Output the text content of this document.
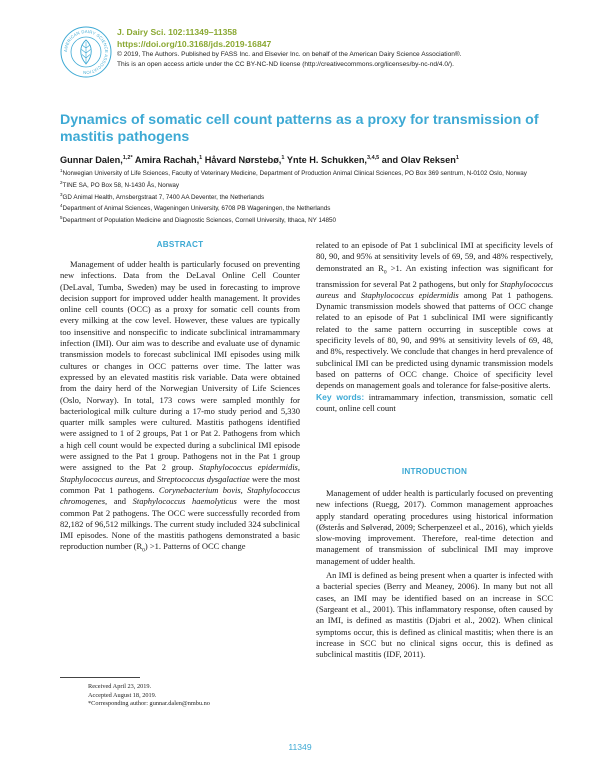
AMERICAN DAIRY SCIENCE ASSOCIATION
J. Dairy Sci. 102:11349–11358
https://doi.org/10.3168/jds.2019-16847
© 2019, The Authors. Published by FASS Inc. and Elsevier Inc. on behalf of the American Dairy Science Association®.
This is an open access article under the CC BY-NC-ND license (http://creativecommons.org/licenses/by-nc-nd/4.0/).
Dynamics of somatic cell count patterns as a proxy for transmission of mastitis pathogens
Gunnar Dalen,$^{1,2*}$ Amira Rachah,$^1$ Håvard Nørstebø,$^1$ Ynte H. Schukken,$^{3,4,5}$ and Olav Reksen$^1$
$^1$Norwegian University of Life Sciences, Faculty of Veterinary Medicine, Department of Production Animal Clinical Sciences, PO Box 369 sentrum, N-0102 Oslo, Norway
$^2$TINE SA, PO Box 58, N-1430 Ås, Norway
$^3$GD Animal Health, Arnsbergstraat 7, 7400 AA Deventer, the Netherlands
$^4$Department of Animal Sciences, Wageningen University, 6708 PB Wageningen, the Netherlands
$^5$Department of Population Medicine and Diagnostic Sciences, Cornell University, Ithaca, NY 14850
ABSTRACT

Management of udder health is particularly focused on preventing new infections. Data from the DeLaval Online Cell Counter (DeLaval, Tumba, Sweden) may be used in forecasting to improve decision support for improved udder health management. It provides online cell counts (OCC) as a proxy for somatic cell counts from every milking at the cow level. However, these values are typically too insensitive and nonspecific to indicate subclinical intramammary infection (IMI). Our aim was to describe and evaluate use of dynamic transmission models to forecast subclinical IMI episodes using milk cultures or changes in OCC patterns over time. The latter was expressed by an elevated mastitis risk variable. Data were obtained from the dairy herd of the Norwegian University of Life Sciences (Oslo, Norway). In total, 173 cows were sampled monthly for bacteriological milk culture during a 17-mo study period and 5,330 quarter milk samples were cultured. Mastitis pathogens identified were assigned to 1 of 2 groups, Pat 1 or Pat 2. Pathogens from which a high cell count would be expected during a subclinical IMI episode were assigned to the Pat 1 group. Pathogens not in the Pat 1 group were assigned to the Pat 2 group. Staphylococcus epidermidis, Staphylococcus aureus, and Streptococcus dysgalactiae were the most common Pat 1 pathogens. Corynebacterium bovis, Staphylococcus chromogenes, and Staphylococcus haemolyticus were the most common Pat 2 pathogens. The OCC were successfully recorded from 82,182 of 96,512 milkings. The current study included 324 subclinical IMI episodes. None of the mastitis pathogens demonstrated a basic reproduction number $(R_0) >1$. Patterns of OCC change

related to an episode of Pat 1 subclinical IMI at specificity levels of 80, 90, and 95% at sensitivity levels of 69, 59, and 48% respectively, demonstrated an $R_0 >1$. An existing infection was significant for transmission for several Pat 2 pathogens, but only for Staphylococcus aureus and Staphylococcus epidermidis among Pat 1 pathogens. Dynamic transmission models showed that patterns of OCC change related to an episode of Pat 1 subclinical IMI were significantly related to the same pattern occurring in susceptible cows at specificity levels of 80, 90, and 99% at sensitivity levels of 69, 48, and 8%, respectively. We conclude that changes in herd prevalence of subclinical IMI can be predicted using dynamic transmission models based on patterns of OCC change. Choice of specificity level depends on management goals and tolerance for false-positive alerts.

Key words: intramammary infection, transmission, somatic cell count, online cell count

INTRODUCTION

Management of udder health is particularly focused on preventing new infections (Ruegg, 2017). Common management approaches apply standard operating procedures using historical information (Østerås and Sølverød, 2009; Scherpenzeel et al., 2016), which yields slow-moving improvement. Therefore, real-time detection and management of transmission of subclinical IMI may improve management of udder health.

An IMI is defined as being present when a quarter is infected with a bacterial species (Berry and Meaney, 2006). In many but not all cases, an IMI may be identified based on an increase in SCC (Sargeant et al., 2001). This inflammatory response, often caused by an IMI, is defined as mastitis (Djabri et al., 2002). When clinical symptoms occur, this is defined as clinical mastitis; when there is an increase in SCC but no clinical signs occur, this is defined as subclinical mastitis (IDF, 2011).

Received April 23, 2019.
Accepted August 18, 2019.
*Corresponding author: gunnar.dalen@nmbu.no
11349
